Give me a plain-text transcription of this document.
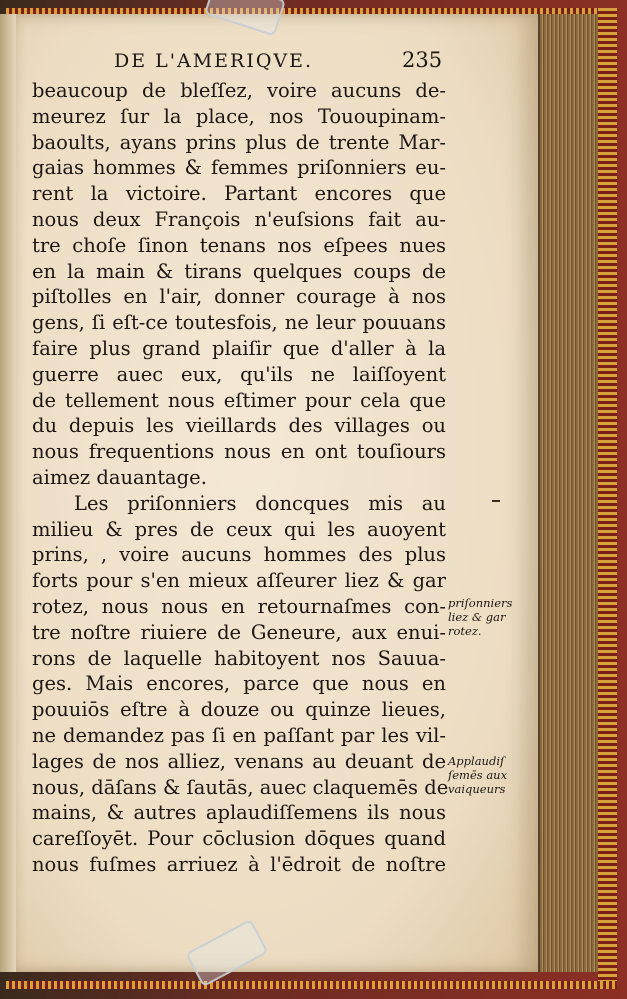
DE L'AMERIQVE.	235
beaucoup de bleſſez, voire aucuns de-
meurez ſur la place, nos Tououpinam-
baoults, ayans prins plus de trente Mar-
gaias hommes & femmes priſonniers eu-
rent la victoire. Partant encores que
nous deux François n'euſsions fait au-
tre choſe ſinon tenans nos eſpees nues
en la main & tirans quelques coups de
piſtolles en l'air, donner courage à nos
gens, ſi eſt-ce toutesfois, ne leur pouuans
faire plus grand plaiſir que d'aller à la
guerre auec eux, qu'ils ne laiſſoyent
de tellement nous eſtimer pour cela que
du depuis les vieillards des villages ou
nous frequentions nous en ont touſiours
aimez dauantage.
Les priſonniers doncques mis au
milieu & pres de ceux qui les auoyent
prins, , voire aucuns hommes des plus
forts pour s'en mieux aſſeurer liez & gar
rotez, nous nous en retournaſmes con-
tre noſtre riuiere de Geneure, aux enui-
rons de laquelle habitoyent nos Sauua-
ges. Mais encores, parce que nous en
pouuiōs eſtre à douze ou quinze lieues,
ne demandez pas ſi en paſſant par les vil-
lages de nos alliez, venans au deuant de
nous, dāſans & ſautās, auec claquemēs de
mains, & autres aplaudiſſemens ils nous
careſſoyēt. Pour cōclusion dōques quand
nous fuſmes arriuez à l'ēdroit de noſtre
priſonniers
liez & gar
rotez.
Applaudiſ
ſemēs aux
vaiqueurs
